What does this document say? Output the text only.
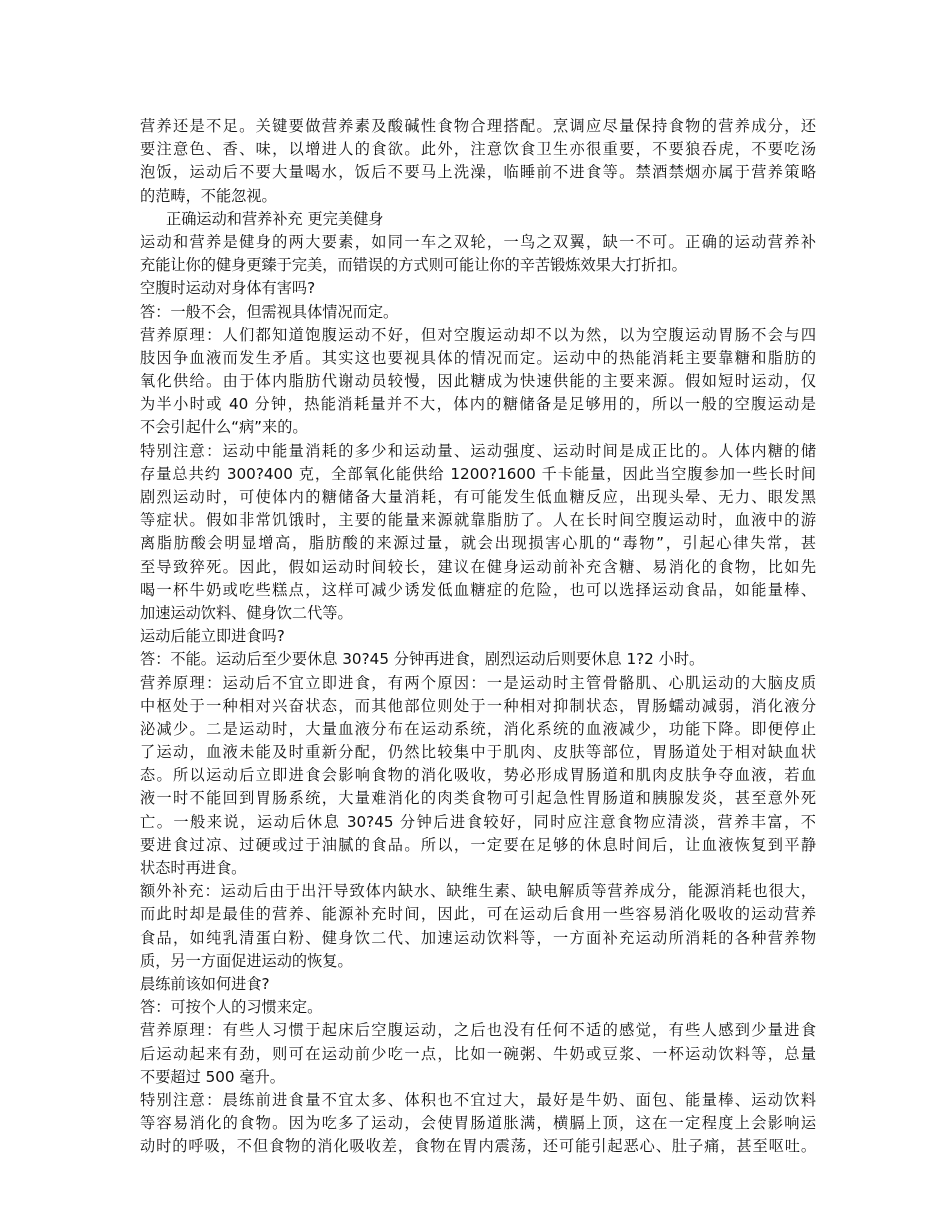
营养还是不足。关键要做营养素及酸碱性食物合理搭配。烹调应尽量保持食物的营养成分，还
要注意色、香、味，以增进人的食欲。此外，注意饮食卫生亦很重要，不要狼吞虎，不要吃汤
泡饭，运动后不要大量喝水，饭后不要马上洗澡，临睡前不进食等。禁酒禁烟亦属于营养策略
的范畴，不能忽视。
正确运动和营养补充 更完美健身
运动和营养是健身的两大要素，如同一车之双轮，一鸟之双翼，缺一不可。正确的运动营养补
充能让你的健身更臻于完美，而错误的方式则可能让你的辛苦锻炼效果大打折扣。
空腹时运动对身体有害吗?
答：一般不会，但需视具体情况而定。
营养原理：人们都知道饱腹运动不好，但对空腹运动却不以为然，以为空腹运动胃肠不会与四
肢因争血液而发生矛盾。其实这也要视具体的情况而定。运动中的热能消耗主要靠糖和脂肪的
氧化供给。由于体内脂肪代谢动员较慢，因此糖成为快速供能的主要来源。假如短时运动，仅
为半小时或 40 分钟，热能消耗量并不大，体内的糖储备是足够用的，所以一般的空腹运动是
不会引起什么“病”来的。
特别注意：运动中能量消耗的多少和运动量、运动强度、运动时间是成正比的。人体内糖的储
存量总共约 300?400 克，全部氧化能供给 1200?1600 千卡能量，因此当空腹参加一些长时间
剧烈运动时，可使体内的糖储备大量消耗，有可能发生低血糖反应，出现头晕、无力、眼发黑
等症状。假如非常饥饿时，主要的能量来源就靠脂肪了。人在长时间空腹运动时，血液中的游
离脂肪酸会明显增高，脂肪酸的来源过量，就会出现损害心肌的“毒物”，引起心律失常，甚
至导致猝死。因此，假如运动时间较长，建议在健身运动前补充含糖、易消化的食物，比如先
喝一杯牛奶或吃些糕点，这样可减少诱发低血糖症的危险，也可以选择运动食品，如能量棒、
加速运动饮料、健身饮二代等。
运动后能立即进食吗?
答：不能。运动后至少要休息 30?45 分钟再进食，剧烈运动后则要休息 1?2 小时。
营养原理：运动后不宜立即进食，有两个原因：一是运动时主管骨骼肌、心肌运动的大脑皮质
中枢处于一种相对兴奋状态，而其他部位则处于一种相对抑制状态，胃肠蠕动减弱，消化液分
泌减少。二是运动时，大量血液分布在运动系统，消化系统的血液减少，功能下降。即便停止
了运动，血液未能及时重新分配，仍然比较集中于肌肉、皮肤等部位，胃肠道处于相对缺血状
态。所以运动后立即进食会影响食物的消化吸收，势必形成胃肠道和肌肉皮肤争夺血液，若血
液一时不能回到胃肠系统，大量难消化的肉类食物可引起急性胃肠道和胰腺发炎，甚至意外死
亡。一般来说，运动后休息 30?45 分钟后进食较好，同时应注意食物应清淡，营养丰富，不
要进食过凉、过硬或过于油腻的食品。所以，一定要在足够的休息时间后，让血液恢复到平静
状态时再进食。
额外补充：运动后由于出汗导致体内缺水、缺维生素、缺电解质等营养成分，能源消耗也很大，
而此时却是最佳的营养、能源补充时间，因此，可在运动后食用一些容易消化吸收的运动营养
食品，如纯乳清蛋白粉、健身饮二代、加速运动饮料等，一方面补充运动所消耗的各种营养物
质，另一方面促进运动的恢复。
晨练前该如何进食?
答：可按个人的习惯来定。
营养原理：有些人习惯于起床后空腹运动，之后也没有任何不适的感觉，有些人感到少量进食
后运动起来有劲，则可在运动前少吃一点，比如一碗粥、牛奶或豆浆、一杯运动饮料等，总量
不要超过 500 毫升。
特别注意：晨练前进食量不宜太多、体积也不宜过大，最好是牛奶、面包、能量棒、运动饮料
等容易消化的食物。因为吃多了运动，会使胃肠道胀满，横膈上顶，这在一定程度上会影响运
动时的呼吸，不但食物的消化吸收差，食物在胃内震荡，还可能引起恶心、肚子痛，甚至呕吐。
